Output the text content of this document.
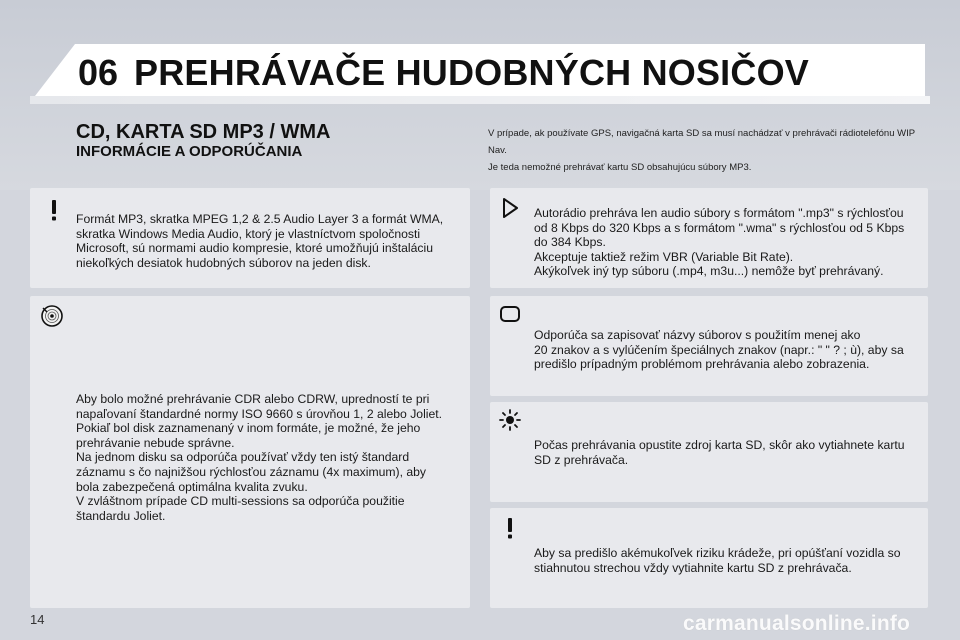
06 PREHRÁVAČE HUDOBNÝCH NOSIČOV
CD, KARTA SD MP3 / WMA
INFORMÁCIE A ODPORÚČANIA
V prípade, ak používate GPS, navigačná karta SD sa musí nachádzať v prehrávači rádiotelefónu WIP Nav.
Je teda nemožné prehrávať kartu SD obsahujúcu súbory MP3.
Formát MP3, skratka MPEG 1,2 & 2.5 Audio Layer 3 a formát WMA,
skratka Windows Media Audio, ktorý je vlastníctvom spoločnosti
Microsoft, sú normami audio kompresie, ktoré umožňujú inštaláciu
niekoľkých desiatok hudobných súborov na jeden disk.
Aby bolo možné prehrávanie CDR alebo CDRW, upredností te pri
napaľovaní štandardné normy ISO 9660 s úrovňou 1, 2 alebo Joliet.
Pokiaľ bol disk zaznamenaný v inom formáte, je možné, že jeho
prehrávanie nebude správne.
Na jednom disku sa odporúča používať vždy ten istý štandard
záznamu s čo najnižšou rýchlosťou záznamu (4x maximum), aby
bola zabezpečená optimálna kvalita zvuku.
V zvláštnom prípade CD multi-sessions sa odporúča použitie
štandardu Joliet.
Autorádio prehráva len audio súbory s formátom ".mp3" s rýchlosťou
od 8 Kbps do 320 Kbps a s formátom ".wma" s rýchlosťou od 5 Kbps
do 384 Kbps.
Akceptuje taktiež režim VBR (Variable Bit Rate).
Akýkoľvek iný typ súboru (.mp4, m3u...) nemôže byť prehrávaný.
Odporúča sa zapisovať názvy súborov s použitím menej ako
20 znakov a s vylúčením špeciálnych znakov (napr.: " " ? ; ù), aby sa
predišlo prípadným problémom prehrávania alebo zobrazenia.
Počas prehrávania opustite zdroj karta SD, skôr ako vytiahnete kartu
SD z prehrávača.
Aby sa predišlo akémukoľvek riziku krádeže, pri opúšťaní vozidla so
stiahnutou strechou vždy vytiahnite kartu SD z prehrávača.
14	carmanualsonline.info
